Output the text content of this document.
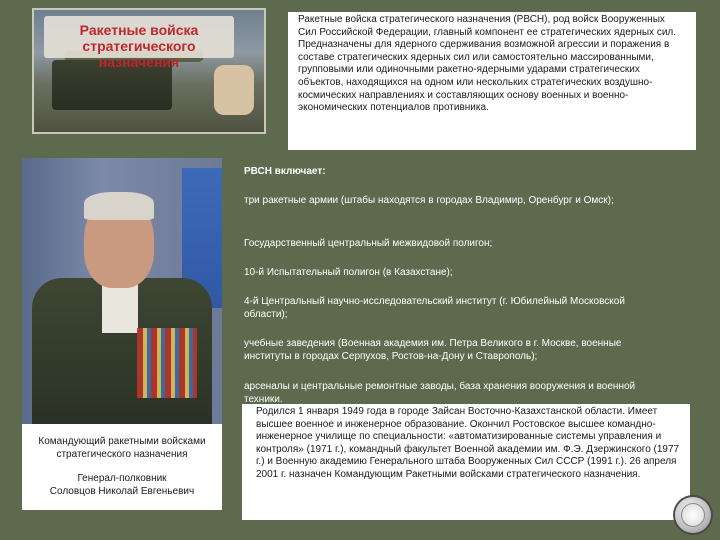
Ракетные войска
стратегического назначения
Ракетные войска стратегического назначения (РВСН), род войск Вооруженных Сил Российской Федерации, главный компонент ее стратегических ядерных сил. Предназначены для ядерного сдерживания возможной агрессии и поражения в составе стратегических ядерных сил или самостоятельно массированными, групповыми или одиночными ракетно-ядерными ударами стратегических объектов, находящихся на одном или нескольких стратегических воздушно-космических направлениях и составляющих основу военных и военно-экономических потенциалов противника.

Командующий ракетными войсками

стратегического назначения

Генерал-полковник

Соловцов Николай Евгеньевич

РВСН включает:
три ракетные армии (штабы находятся в городах Владимир, Оренбург и Омск);
Государственный центральный межвидовой полигон;
10-й Испытательный полигон (в Казахстане);
4-й Центральный научно-исследовательский институт (г. Юбилейный Московской области);
учебные заведения (Военная академия им. Петра Великого в г. Москве, военные институты в городах Серпухов, Ростов-на-Дону и Ставрополь);
арсеналы и центральные ремонтные заводы, база хранения вооружения и военной техники.
Родился 1 января 1949 года в городе Зайсан Восточно-Казахстанской области. Имеет высшее военное и инженерное образование. Окончил Ростовское высшее командно-инженерное училище по специальности: «автоматизированные системы управления и контроля» (1971 г.), командный факультет Военной академии им. Ф.Э. Дзержинского (1977 г.) и Военную академию Генерального штаба Вооруженных Сил СССР (1991 г.). 26 апреля 2001 г. назначен Командующим Ракетными войсками стратегического назначения.
